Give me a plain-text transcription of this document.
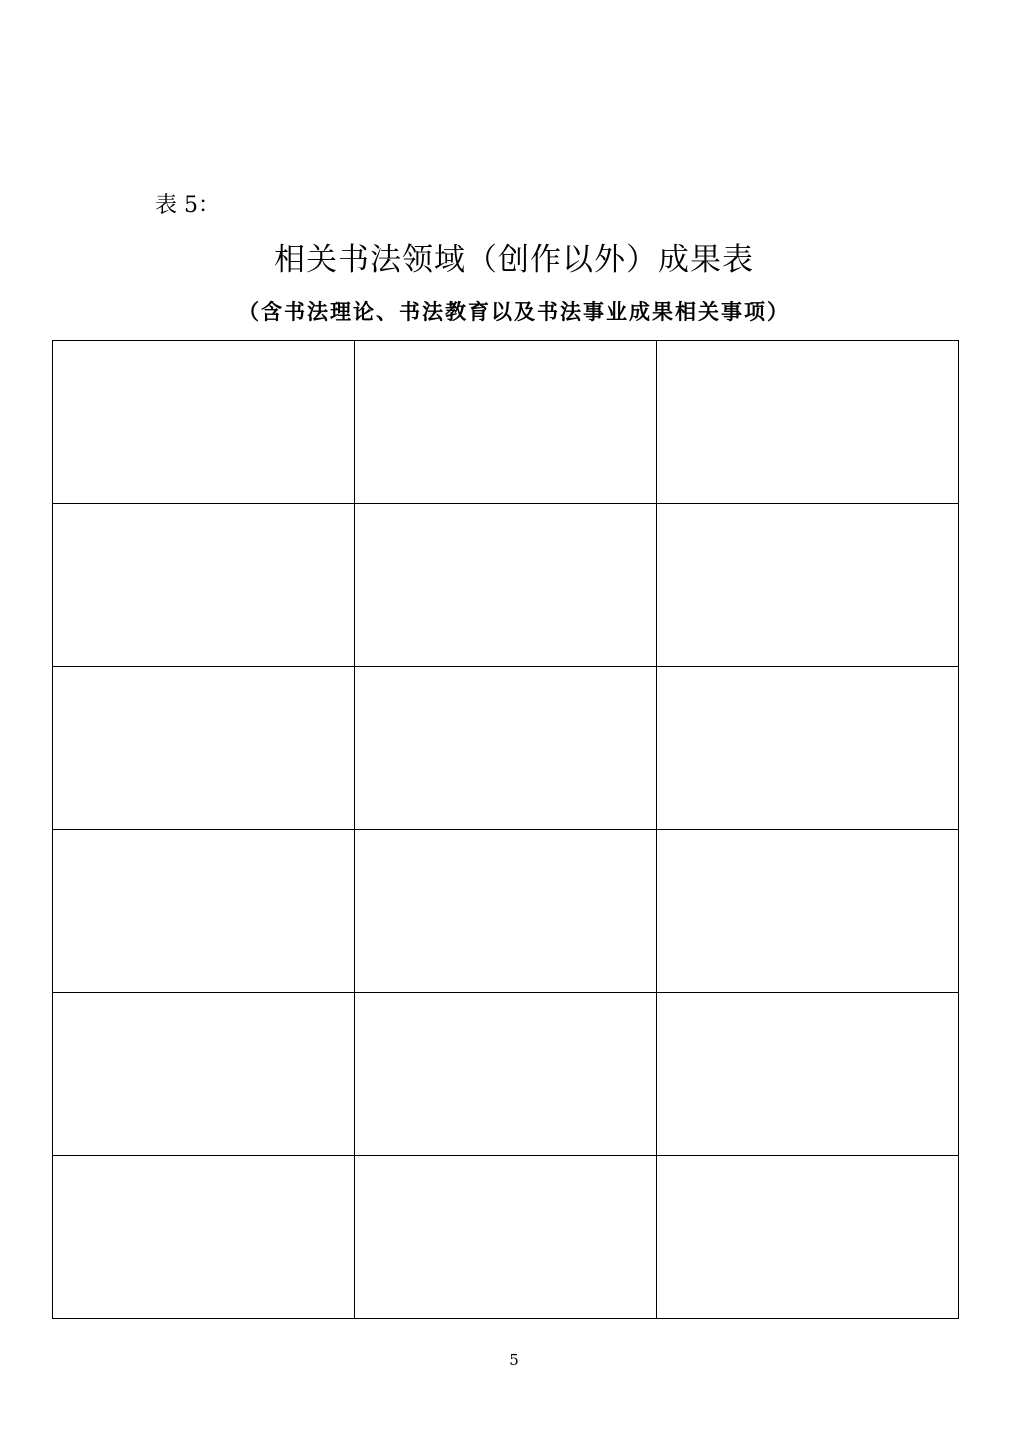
表 5：
相关书法领域（创作以外）成果表
（含书法理论、书法教育以及书法事业成果相关事项）

5
